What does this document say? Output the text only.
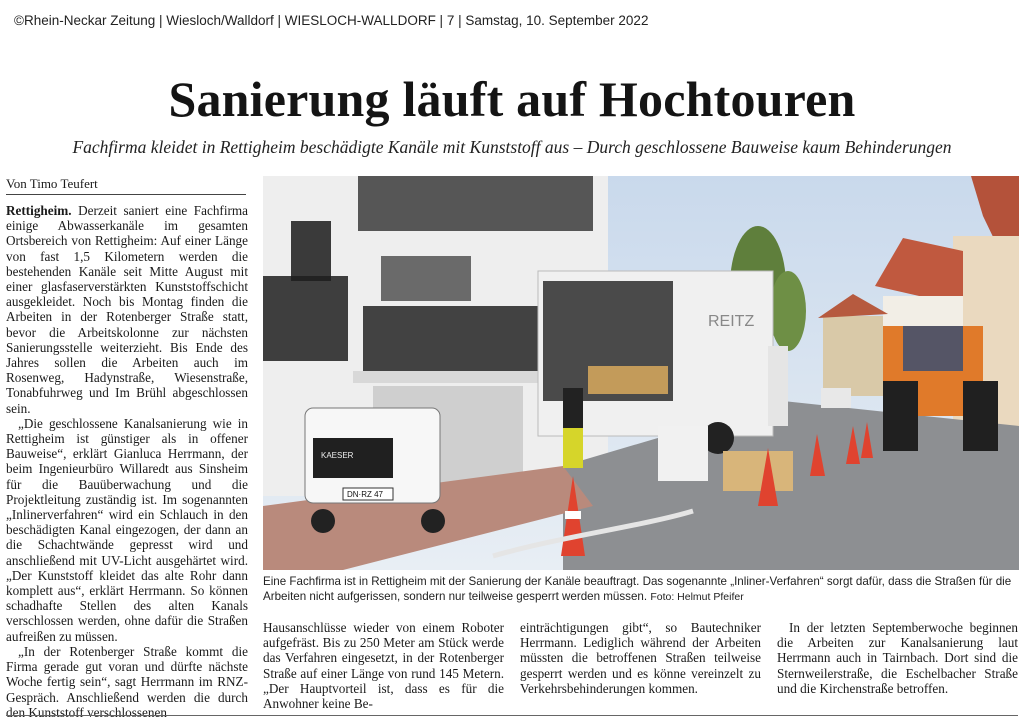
©Rhein-Neckar Zeitung | Wiesloch/Walldorf | WIESLOCH-WALLDORF | 7 | Samstag, 10. September 2022
Sanierung läuft auf Hochtouren
Fachfirma kleidet in Rettigheim beschädigte Kanäle mit Kunststoff aus – Durch geschlossene Bauweise kaum Behinderungen
Von Timo Teufert

Rettigheim. Derzeit saniert eine Fachfirma einige Abwasserkanäle im gesamten Ortsbereich von Rettigheim: Auf einer Länge von fast 1,5 Kilometern werden die bestehenden Kanäle seit Mitte August mit einer glasfaserverstärkten Kunststoffschicht ausgekleidet. Noch bis Montag finden die Arbeiten in der Rotenberger Straße statt, bevor die Arbeitskolonne zur nächsten Sanierungsstelle weiterzieht. Bis Ende des Jahres sollen die Arbeiten auch im Rosenweg, Hadynstraße, Wiesenstraße, Tonabfuhrweg und Im Brühl abgeschlossen sein.

„Die geschlossene Kanalsanierung wie in Rettigheim ist günstiger als in offener Bauweise“, erklärt Gianluca Herrmann, der beim Ingenieurbüro Willaredt aus Sinsheim für die Bauüberwachung und die Projektleitung zuständig ist. Im sogenannten „Inlinerverfahren“ wird ein Schlauch in den beschädigten Kanal eingezogen, der dann an die Schachtwände gepresst wird und anschließend mit UV-Licht ausgehärtet wird. „Der Kunststoff kleidet das alte Rohr dann komplett aus“, erklärt Herrmann. So können schadhafte Stellen des alten Kanals verschlossen werden, ohne dafür die Straßen aufreißen zu müssen.

„In der Rotenberger Straße kommt die Firma gerade gut voran und dürfte nächste Woche fertig sein“, sagt Herrmann im RNZ-Gespräch. Anschließend werden die durch den Kunststoff verschlossenen

REITZ
KAESER
DN·RZ 47
Eine Fachfirma ist in Rettigheim mit der Sanierung der Kanäle beauftragt. Das sogenannte „Inliner-Verfahren“ sorgt dafür, dass die Straßen für die Arbeiten nicht aufgerissen, sondern nur teilweise gesperrt werden müssen. Foto: Helmut Pfeifer

Hausanschlüsse wieder von einem Roboter aufgefräst. Bis zu 250 Meter am Stück werde das Verfahren eingesetzt, in der Rotenberger Straße auf einer Länge von rund 145 Metern. „Der Hauptvorteil ist, dass es für die Anwohner keine Be-

einträchtigungen gibt“, so Bautechniker Herrmann. Lediglich während der Arbeiten müssten die betroffenen Straßen teilweise gesperrt werden und es könne vereinzelt zu Verkehrsbehinderungen kommen.

In der letzten Septemberwoche beginnen die Arbeiten zur Kanalsanierung laut Herrmann auch in Tairnbach. Dort sind die Sternweilerstraße, die Eschelbacher Straße und die Kirchenstraße betroffen.
